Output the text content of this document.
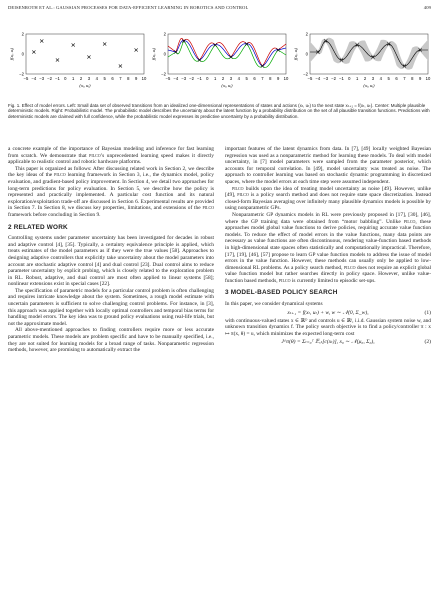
DEISENROTH ET AL.: GAUSSIAN PROCESSES FOR DATA-EFFICIENT LEARNING IN ROBOTICS AND CONTROL	409
−5 −4 −3 −2 −1 0 1 2 3 4 5 6 7 8 9 10
2
0
−2
(xᵢ, uᵢ)
f(xᵢ, uᵢ)
−5 −4 −3 −2 −1 0 1 2 3 4 5 6 7 8 9 10
2
0
−2
(xᵢ, uᵢ)
f(xᵢ, uᵢ)
−5 −4 −3 −2 −1 0 1 2 3 4 5 6 7 8 9 10
2
0
−2
(xᵢ, uᵢ)
f(xᵢ, uᵢ)
Fig. 1. Effect of model errors. Left: Small data set of observed transitions from an idealized one-dimensional representations of states and actions (xₜ, uₜ) to the next state xₜ₊₁ = f(xₜ, uₜ). Center: Multiple plausible deterministic models. Right: Probabilistic model. The probabilistic model describes the uncertainty about the latent function by a probability distribution on the set of all plausible transition functions. Predictions with deterministic models are claimed with full confidence, while the probabilistic model expresses its predictive uncertainty by a probability distribution.

a concrete example of the importance of Bayesian modeling and inference for fast learning from scratch. We demonstrate that pilco’s unprecedented learning speed makes it directly applicable to realistic control and robotic hardware platforms.

This paper is organized as follows: After discussing related work in Section 2, we describe the key ideas of the pilco learning framework in Section 3, i.e., the dynamics model, policy evaluation, and gradient-based policy improvement. In Section 4, we detail two approaches for long-term predictions for policy evaluation. In Section 5, we describe how the policy is represented and practically implemented. A particular cost function and its natural exploration/exploitation trade-off are discussed in Section 6. Experimental results are provided in Section 7. In Section 8, we discuss key properties, limitations, and extensions of the pilco framework before concluding in Section 9.

2 RELATED WORK

Controlling systems under parameter uncertainty has been investigated for decades in robust and adaptive control [4], [35]. Typically, a certainty equivalence principle is applied, which treats estimates of the model parameters as if they were the true values [58]. Approaches to designing adaptive controllers that explicitly take uncertainty about the model parameters into account are stochastic adaptive control [4] and dual control [23]. Dual control aims to reduce parameter uncertainty by explicit probing, which is closely related to the exploration problem in RL. Robust, adaptive, and dual control are most often applied to linear systems [58]; nonlinear extensions exist in special cases [22].

The specification of parametric models for a particular control problem is often challenging and requires intricate knowledge about the system. Sometimes, a rough model estimate with uncertain parameters is sufficient to solve challenging control problems. For instance, in [3], this approach was applied together with locally optimal controllers and temporal bias terms for handling model errors. The key idea was to ground policy evaluations using real-life trials, but not the approximate model.

All above-mentioned approaches to finding controllers require more or less accurate parametric models. These models are problem specific and have to be manually specified, i.e., they are not suited for learning models for a broad range of tasks. Nonparametric regression methods, however, are promising to automatically extract the

important features of the latent dynamics from data. In [7], [49] locally weighted Bayesian regression was used as a nonparametric method for learning these models. To deal with model uncertainty, in [7] model parameters were sampled from the parameter posterior, which accounts for temporal correlation. In [49], model uncertainty was treated as noise. The approach to controller learning was based on stochastic dynamic programming in discretized spaces, where the model errors at each time step were assumed independent.

pilco builds upon the idea of treating model uncertainty as noise [49]. However, unlike [49], pilco is a policy search method and does not require state space discretization. Instead closed-form Bayesian averaging over infinitely many plausible dynamics models is possible by using nonparametric GPs.

Nonparametric GP dynamics models in RL were previously proposed in [17], [30], [46], where the GP training data were obtained from “motor babbling”. Unlike pilco, these approaches model global value functions to derive policies, requiring accurate value function models. To reduce the effect of model errors in the value functions, many data points are necessary as value functions are often discontinuous, rendering value-function based methods in high-dimensional state spaces often statistically and computationally impractical. Therefore, [17], [19], [46], [57] propose to learn GP value function models to address the issue of model errors in the value function. However, these methods can usually only be applied to low-dimensional RL problems. As a policy search method, pilco does not require an explicit global value function model but rather searches directly in policy space. However, unlike value-function based methods, pilco is currently limited to episodic set-ups.

3 MODEL-BASED POLICY SEARCH

In this paper, we consider dynamical systems

xₜ₊₁ = f(xₜ, uₜ) + w, w ∼ 𝒩(0, Σ_w),	(1)

with continuous-valued states x ∈ ℝᴰ and controls u ∈ ℝᶠ, i.i.d. Gaussian system noise w, and unknown transition dynamics f. The policy search objective is to find a policy/controller π : x ↦ π(x, θ) = u, which minimizes the expected long-term cost

J^π(θ) = Σₜ₌₀ᵀ 𝔼ₓₜ[c(xₜ)], x₀ ∼ 𝒩(μ₀, Σ₀),	(2)
